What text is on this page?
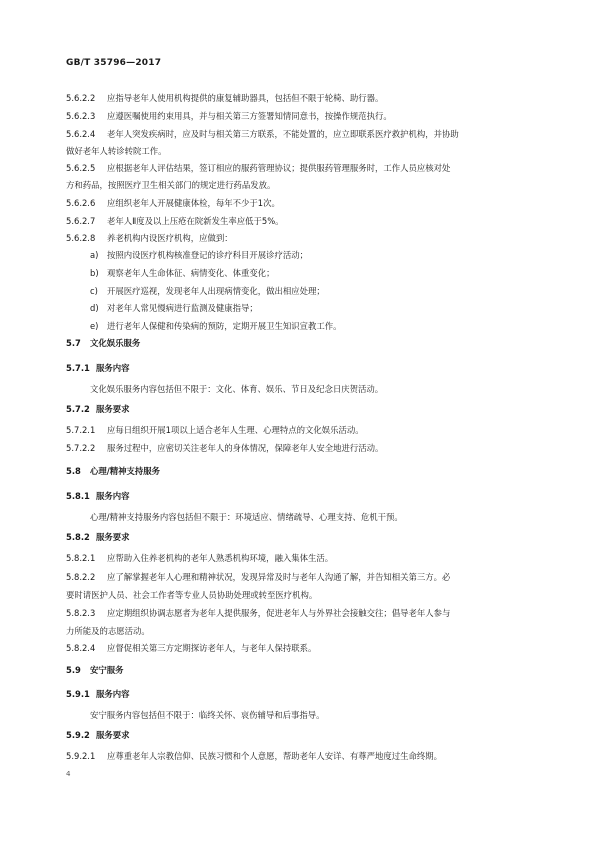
GB/T 35796—2017
5.6.2.2 应指导老年人使用机构提供的康复辅助器具，包括但不限于轮椅、助行器。
5.6.2.3 应遵医嘱使用约束用具，并与相关第三方签署知情同意书，按操作规范执行。
5.6.2.4 老年人突发疾病时，应及时与相关第三方联系，不能处置的，应立即联系医疗救护机构，并协助
做好老年人转诊转院工作。
5.6.2.5 应根据老年人评估结果，签订相应的服药管理协议；提供服药管理服务时，工作人员应核对处
方和药品，按照医疗卫生相关部门的规定进行药品发放。
5.6.2.6 应组织老年人开展健康体检，每年不少于1次。
5.6.2.7 老年人Ⅱ度及以上压疮在院新发生率应低于5%。
5.6.2.8 养老机构内设医疗机构，应做到：
a) 按照内设医疗机构核准登记的诊疗科目开展诊疗活动；
b) 观察老年人生命体征、病情变化、体重变化；
c) 开展医疗巡视，发现老年人出现病情变化，做出相应处理；
d) 对老年人常见慢病进行监测及健康指导；
e) 进行老年人保健和传染病的预防，定期开展卫生知识宣教工作。
5.7 文化娱乐服务
5.7.1 服务内容
文化娱乐服务内容包括但不限于：文化、体育、娱乐、节日及纪念日庆贺活动。
5.7.2 服务要求
5.7.2.1 应每日组织开展1项以上适合老年人生理、心理特点的文化娱乐活动。
5.7.2.2 服务过程中，应密切关注老年人的身体情况，保障老年人安全地进行活动。
5.8 心理/精神支持服务
5.8.1 服务内容
心理/精神支持服务内容包括但不限于：环境适应、情绪疏导、心理支持、危机干预。
5.8.2 服务要求
5.8.2.1 应帮助入住养老机构的老年人熟悉机构环境，融入集体生活。
5.8.2.2 应了解掌握老年人心理和精神状况，发现异常及时与老年人沟通了解，并告知相关第三方。必
要时请医护人员、社会工作者等专业人员协助处理或转至医疗机构。
5.8.2.3 应定期组织协调志愿者为老年人提供服务，促进老年人与外界社会接触交往；倡导老年人参与
力所能及的志愿活动。
5.8.2.4 应督促相关第三方定期探访老年人，与老年人保持联系。
5.9 安宁服务
5.9.1 服务内容
安宁服务内容包括但不限于：临终关怀、哀伤辅导和后事指导。
5.9.2 服务要求
5.9.2.1 应尊重老年人宗教信仰、民族习惯和个人意愿，帮助老年人安详、有尊严地度过生命终期。
4
